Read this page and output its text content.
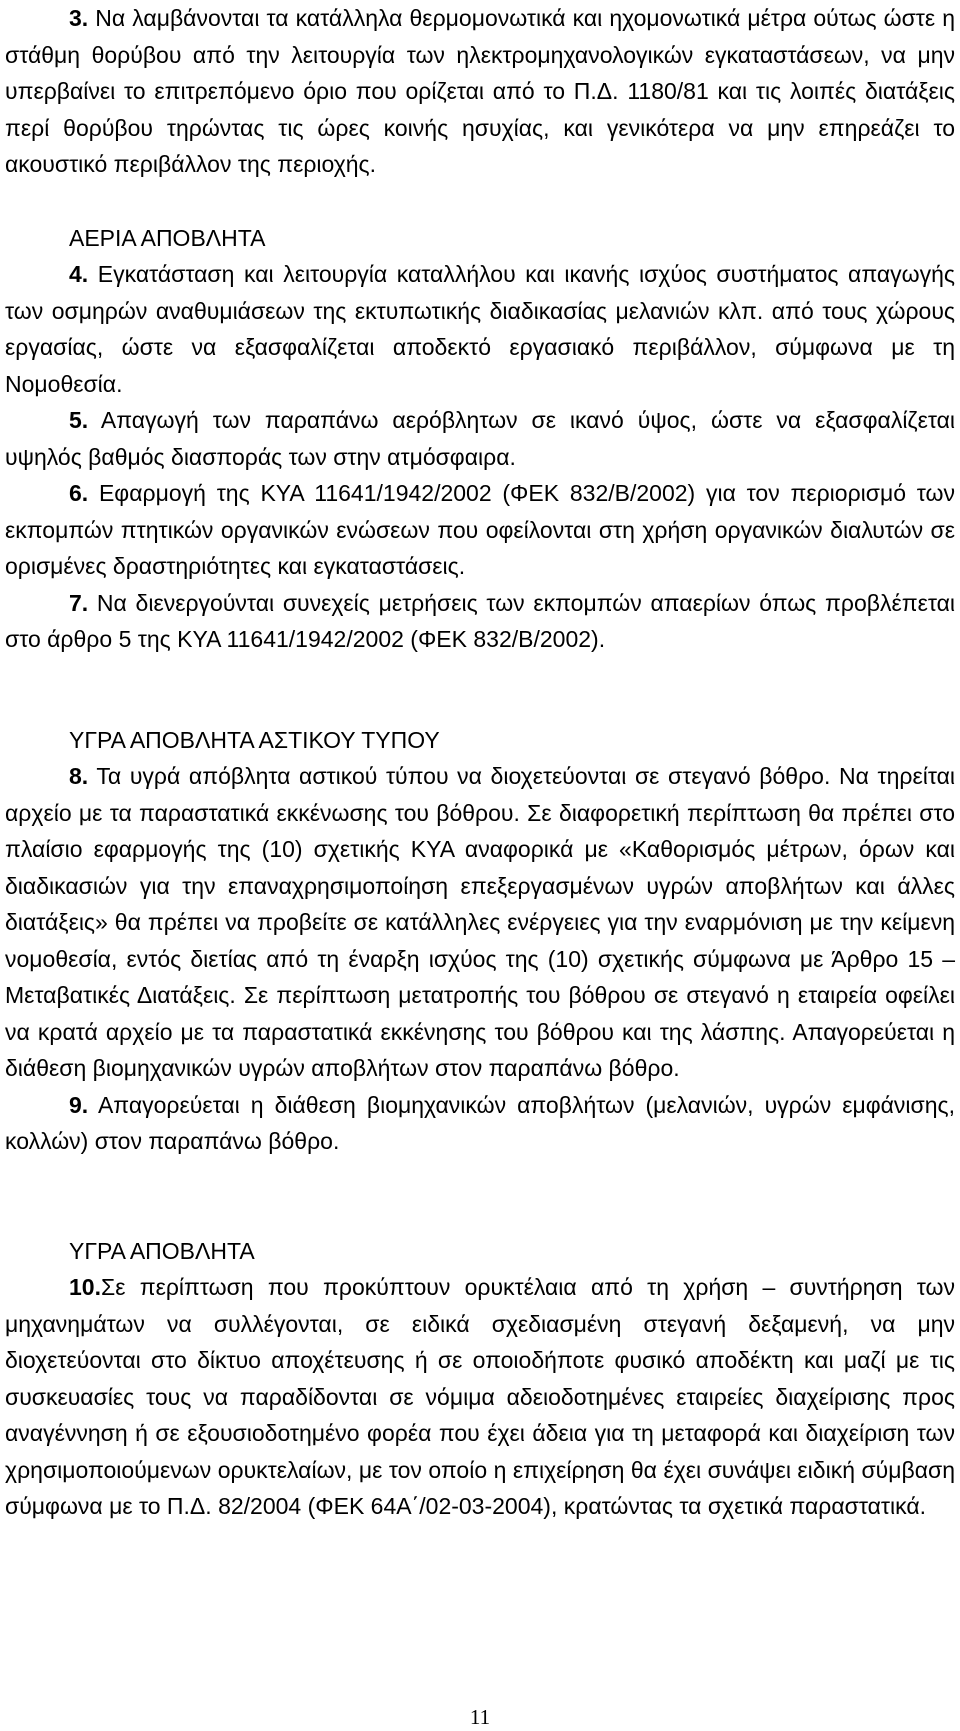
3. Να λαμβάνονται τα κατάλληλα θερμομονωτικά και ηχομονωτικά μέτρα ούτως ώστε η στάθμη θορύβου από την λειτουργία των ηλεκτρομηχανολογικών εγκαταστάσεων, να μην υπερβαίνει το επιτρεπόμενο όριο που ορίζεται από το Π.Δ. 1180/81 και τις λοιπές διατάξεις περί θορύβου τηρώντας τις ώρες κοινής ησυχίας, και γενικότερα να μην επηρεάζει το ακουστικό περιβάλλον της περιοχής.

ΑΕΡΙΑ ΑΠΟΒΛΗΤΑ

4. Εγκατάσταση και λειτουργία καταλλήλου και ικανής ισχύος συστήματος απαγωγής των οσμηρών αναθυμιάσεων της εκτυπωτικής διαδικασίας μελανιών κλπ. από τους χώρους εργασίας, ώστε να εξασφαλίζεται αποδεκτό εργασιακό περιβάλλον, σύμφωνα με τη Νομοθεσία.

5. Απαγωγή των παραπάνω αερόβλητων σε ικανό ύψος, ώστε να εξασφαλίζεται υψηλός βαθμός διασποράς των στην ατμόσφαιρα.

6. Εφαρμογή της ΚΥΑ 11641/1942/2002 (ΦΕΚ 832/Β/2002) για τον περιορισμό των εκπομπών πτητικών οργανικών ενώσεων που οφείλονται στη χρήση οργανικών διαλυτών σε ορισμένες δραστηριότητες και εγκαταστάσεις.

7. Να διενεργούνται συνεχείς μετρήσεις των εκπομπών απαερίων όπως προβλέπεται στο άρθρο 5 της ΚΥΑ 11641/1942/2002 (ΦΕΚ 832/Β/2002).

ΥΓΡΑ ΑΠΟΒΛΗΤΑ ΑΣΤΙΚΟΥ ΤΥΠΟΥ

8. Τα υγρά απόβλητα αστικού τύπου να διοχετεύονται σε στεγανό βόθρο. Να τηρείται αρχείο με τα παραστατικά εκκένωσης του βόθρου. Σε διαφορετική περίπτωση θα πρέπει στο πλαίσιο εφαρμογής της (10) σχετικής ΚΥΑ αναφορικά με «Καθορισμός μέτρων, όρων και διαδικασιών για την επαναχρησιμοποίηση επεξεργασμένων υγρών αποβλήτων και άλλες διατάξεις» θα πρέπει να προβείτε σε κατάλληλες ενέργειες για την εναρμόνιση με την κείμενη νομοθεσία, εντός διετίας από τη έναρξη ισχύος της (10) σχετικής σύμφωνα με Άρθρο 15 – Μεταβατικές Διατάξεις. Σε περίπτωση μετατροπής του βόθρου σε στεγανό η εταιρεία οφείλει να κρατά αρχείο με τα παραστατικά εκκένησης του βόθρου και της λάσπης. Απαγορεύεται η διάθεση βιομηχανικών υγρών αποβλήτων στον παραπάνω βόθρο.

9. Απαγορεύεται η διάθεση βιομηχανικών αποβλήτων (μελανιών, υγρών εμφάνισης, κολλών) στον παραπάνω βόθρο.

ΥΓΡΑ ΑΠΟΒΛΗΤΑ

10.Σε περίπτωση που προκύπτουν ορυκτέλαια από τη χρήση – συντήρηση των μηχανημάτων να συλλέγονται, σε ειδικά σχεδιασμένη στεγανή δεξαμενή, να μην διοχετεύονται στο δίκτυο αποχέτευσης ή σε οποιοδήποτε φυσικό αποδέκτη και μαζί με τις συσκευασίες τους να παραδίδονται σε νόμιμα αδειοδοτημένες εταιρείες διαχείρισης προς αναγέννηση ή σε εξουσιοδοτημένο φορέα που έχει άδεια για τη μεταφορά και διαχείριση των χρησιμοποιούμενων ορυκτελαίων, με τον οποίο η επιχείρηση θα έχει συνάψει ειδική σύμβαση σύμφωνα με το Π.Δ. 82/2004 (ΦΕΚ 64Α΄/02-03-2004), κρατώντας τα σχετικά παραστατικά.

11
